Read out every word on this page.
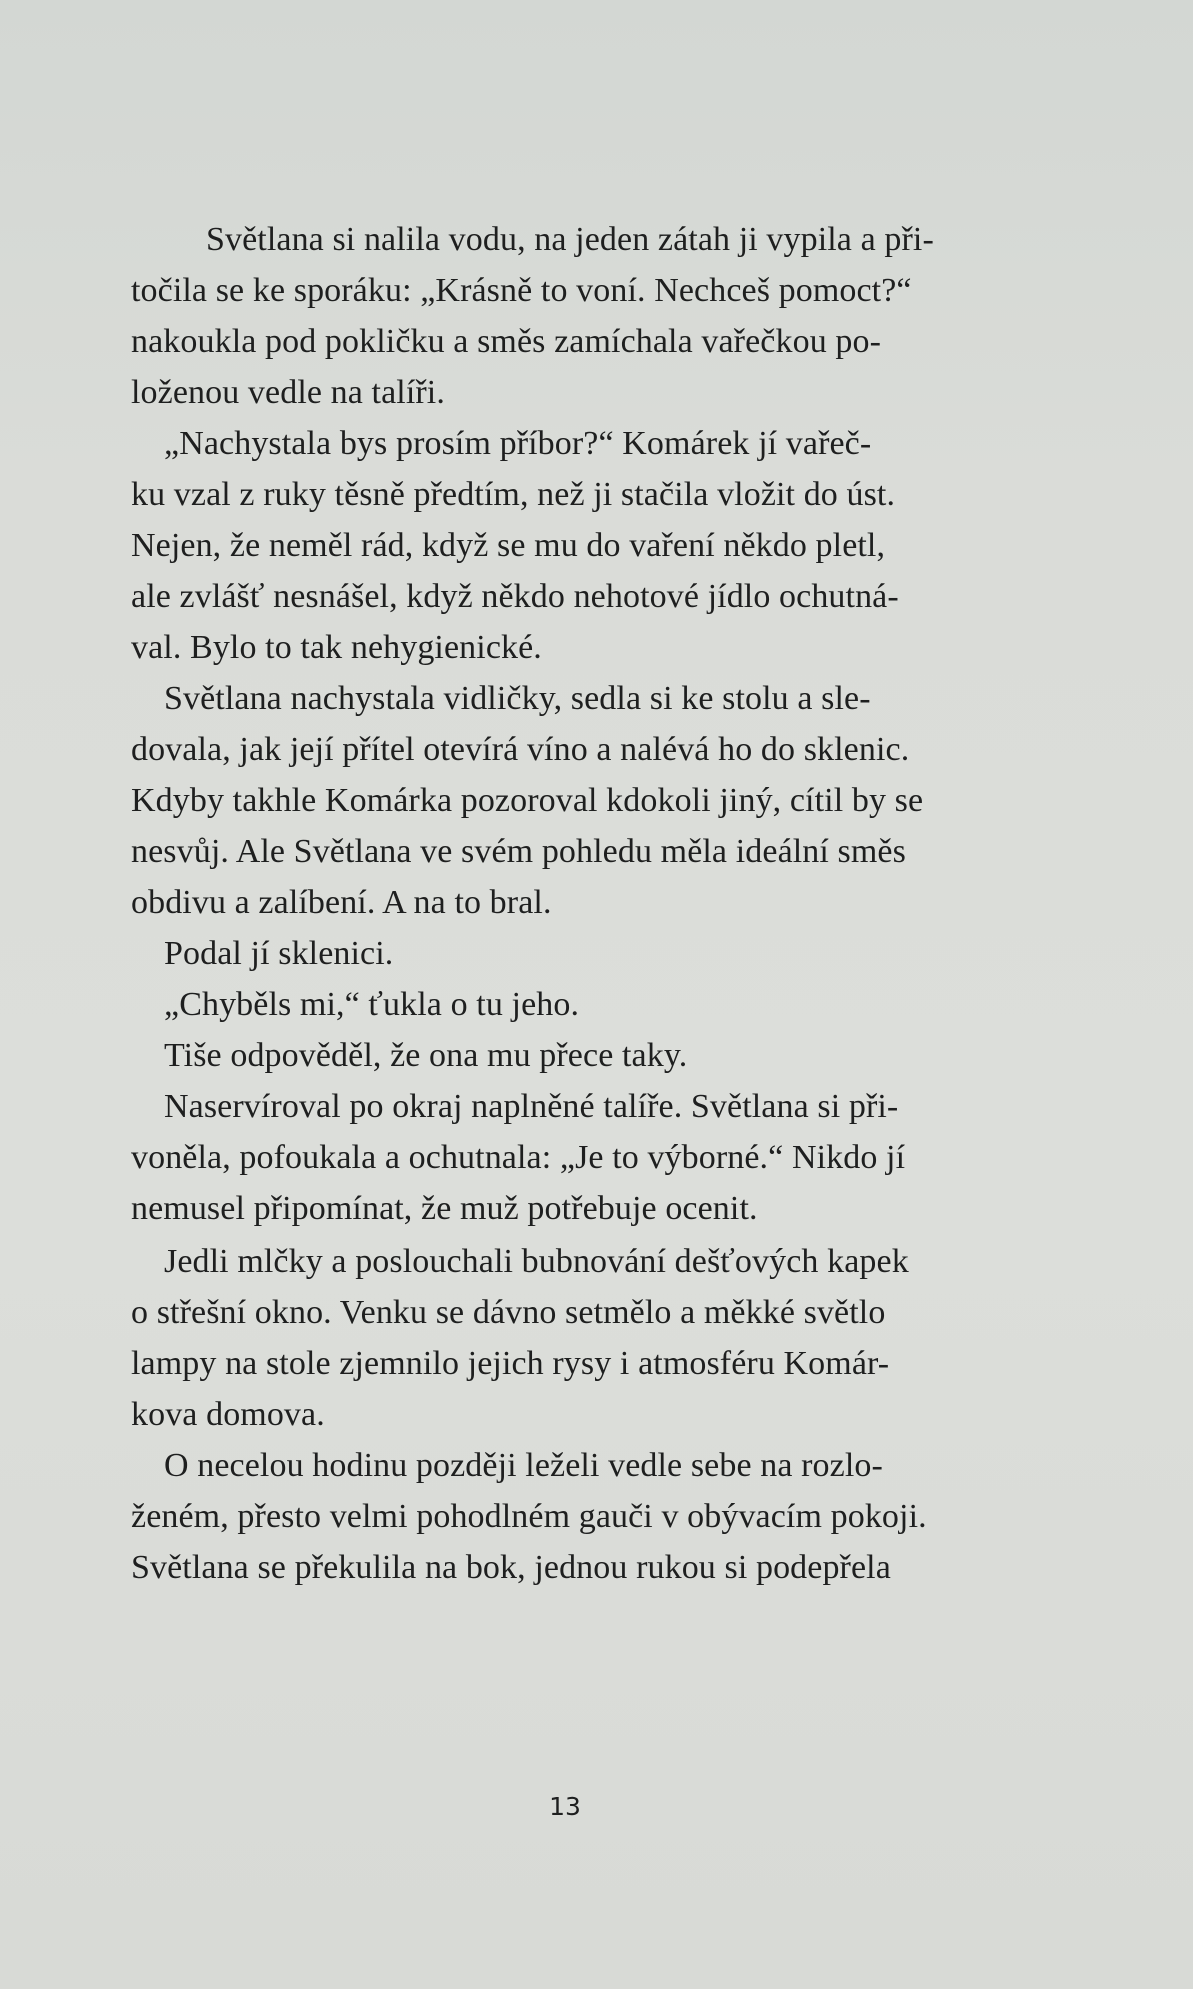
Světlana si nalila vodu, na jeden zátah ji vypila a při-
točila se ke sporáku: „Krásně to voní. Nechceš pomoct?“
nakoukla pod pokličku a směs zamíchala vařečkou po-
loženou vedle na talíři.
„Nachystala bys prosím příbor?“ Komárek jí vařeč-
ku vzal z ruky těsně předtím, než ji stačila vložit do úst.
Nejen, že neměl rád, když se mu do vaření někdo pletl,
ale zvlášť nesnášel, když někdo nehotové jídlo ochutná-
val. Bylo to tak nehygienické.
Světlana nachystala vidličky, sedla si ke stolu a sle-
dovala, jak její přítel otevírá víno a nalévá ho do sklenic.
Kdyby takhle Komárka pozoroval kdokoli jiný, cítil by se
nesvůj. Ale Světlana ve svém pohledu měla ideální směs
obdivu a zalíbení. A na to bral.
Podal jí sklenici.
„Chyběls mi,“ ťukla o tu jeho.
Tiše odpověděl, že ona mu přece taky.
Naservíroval po okraj naplněné talíře. Světlana si při-
voněla, pofoukala a ochutnala: „Je to výborné.“ Nikdo jí
nemusel připomínat, že muž potřebuje ocenit.
Jedli mlčky a poslouchali bubnování dešťových kapek
o střešní okno. Venku se dávno setmělo a měkké světlo
lampy na stole zjemnilo jejich rysy i atmosféru Komár-
kova domova.
O necelou hodinu později leželi vedle sebe na rozlo-
ženém, přesto velmi pohodlném gauči v obývacím pokoji.
Světlana se překulila na bok, jednou rukou si podepřela
13
